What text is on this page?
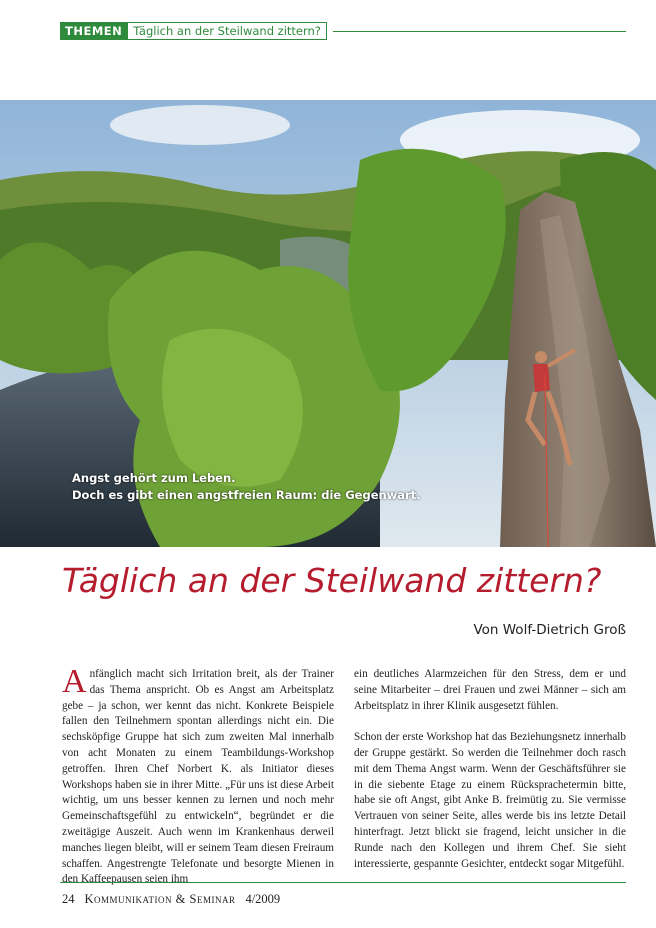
THEMEN Täglich an der Steilwand zittern?
Angst gehört zum Leben.
Doch es gibt einen angstfreien Raum: die Gegenwart.
Täglich an der Steilwand zittern?
Von Wolf-Dietrich Groß

Anfänglich macht sich Irritation breit, als der Trainer das Thema anspricht. Ob es Angst am Arbeitsplatz gebe – ja schon, wer kennt das nicht. Konkrete Beispiele fallen den Teilnehmern spontan allerdings nicht ein. Die sechsköpfige Gruppe hat sich zum zweiten Mal innerhalb von acht Monaten zu einem Teambildungs-Workshop getroffen. Ihren Chef Norbert K. als Initiator dieses Workshops haben sie in ihrer Mitte. „Für uns ist diese Arbeit wichtig, um uns besser kennen zu lernen und noch mehr Gemeinschaftsgefühl zu entwickeln“, begründet er die zweitägige Auszeit. Auch wenn im Krankenhaus derweil manches liegen bleibt, will er seinem Team diesen Freiraum schaffen. Angestrengte Telefonate und besorgte Mienen in den Kaffeepausen seien ihm

ein deutliches Alarmzeichen für den Stress, dem er und seine Mitarbeiter – drei Frauen und zwei Männer – sich am Arbeitsplatz in ihrer Klinik ausgesetzt fühlen.

Schon der erste Workshop hat das Beziehungsnetz innerhalb der Gruppe gestärkt. So werden die Teilnehmer doch rasch mit dem Thema Angst warm. Wenn der Geschäftsführer sie in die siebente Etage zu einem Rücksprachetermin bitte, habe sie oft Angst, gibt Anke B. freimütig zu. Sie vermisse Vertrauen von seiner Seite, alles werde bis ins letzte Detail hinterfragt. Jetzt blickt sie fragend, leicht unsicher in die Runde nach den Kollegen und ihrem Chef. Sie sieht interessierte, gespannte Gesichter, entdeckt sogar Mitgefühl.

24 Kommunikation & Seminar 4/2009
